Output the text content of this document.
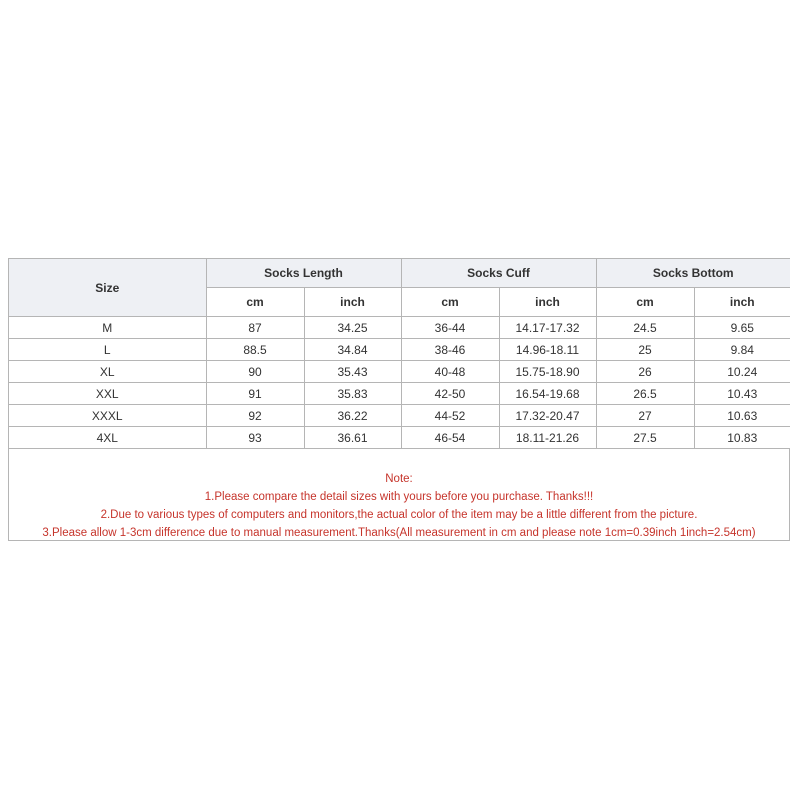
Size	Socks Length		Socks Cuff		Socks Bottom	
	cm	inch	cm	inch	cm	inch
M	87	34.25	36-44	14.17-17.32	24.5	9.65
L	88.5	34.84	38-46	14.96-18.11	25	9.84
XL	90	35.43	40-48	15.75-18.90	26	10.24
XXL	91	35.83	42-50	16.54-19.68	26.5	10.43
XXXL	92	36.22	44-52	17.32-20.47	27	10.63
4XL	93	36.61	46-54	18.11-21.26	27.5	10.83
Note:
1.Please compare the detail sizes with yours before you purchase. Thanks!!!
2.Due to various types of computers and monitors,the actual color of the item may be a little different from the picture.
3.Please allow 1-3cm difference due to manual measurement.Thanks(All measurement in cm and please note 1cm=0.39inch 1inch=2.54cm)
